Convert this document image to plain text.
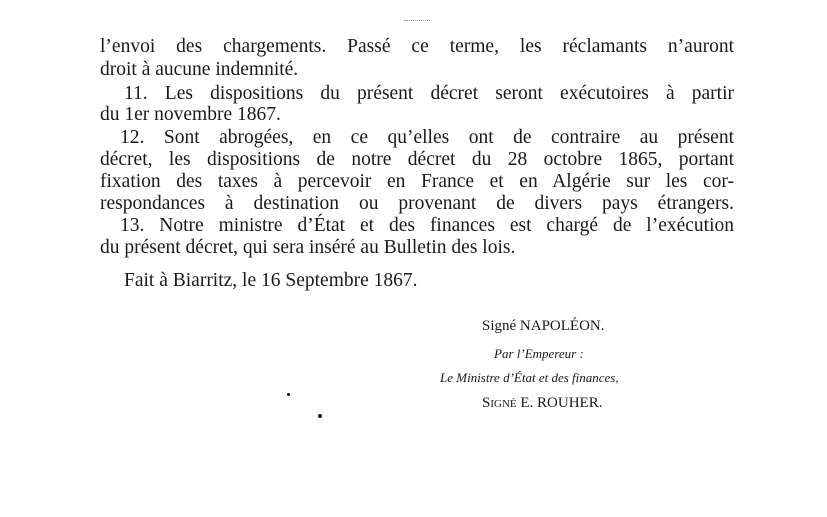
l’envoi des chargements. Passé ce terme, les réclamants n’auront
droit à aucune indemnité.
11. Les dispositions du présent décret seront exécutoires à partir
du 1er novembre 1867.
12. Sont abrogées, en ce qu’elles ont de contraire au présent
décret, les dispositions de notre décret du 28 octobre 1865, portant
fixation des taxes à percevoir en France et en Algérie sur les cor-
respondances à destination ou provenant de divers pays étrangers.
13. Notre ministre d’État et des finances est chargé de l’exécution
du présent décret, qui sera inséré au Bulletin des lois.
Fait à Biarritz, le 16 Septembre 1867.
Signé NAPOLÉON.
Par l’Empereur :
Le Ministre d’État et des finances,
Signé E. ROUHER.
